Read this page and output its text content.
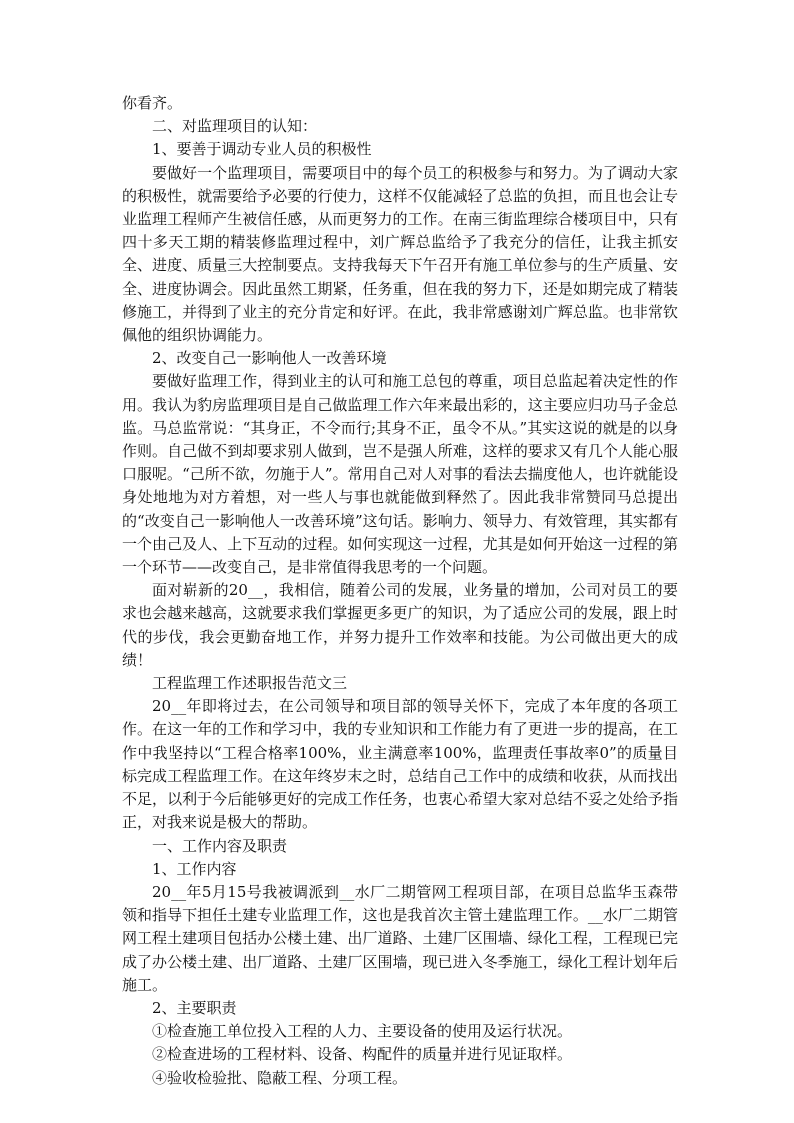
你看齐。

二、对监理项目的认知：

1、要善于调动专业人员的积极性

要做好一个监理项目，需要项目中的每个员工的积极参与和努力。为了调动大家的积极性，就需要给予必要的行使力，这样不仅能减轻了总监的负担，而且也会让专业监理工程师产生被信任感，从而更努力的工作。在南三街监理综合楼项目中，只有四十多天工期的精装修监理过程中，刘广辉总监给予了我充分的信任，让我主抓安全、进度、质量三大控制要点。支持我每天下午召开有施工单位参与的生产质量、安全、进度协调会。因此虽然工期紧，任务重，但在我的努力下，还是如期完成了精装修施工，并得到了业主的充分肯定和好评。在此，我非常感谢刘广辉总监。也非常钦佩他的组织协调能力。

2、改变自己一影响他人一改善环境

要做好监理工作，得到业主的认可和施工总包的尊重，项目总监起着决定性的作用。我认为豹房监理项目是自己做监理工作六年来最出彩的，这主要应归功马子金总监。马总监常说：“其身正，不令而行;其身不正，虽令不从。”其实这说的就是的以身作则。自己做不到却要求别人做到，岂不是强人所难，这样的要求又有几个人能心服口服呢。“己所不欲，勿施于人”。常用自己对人对事的看法去揣度他人，也许就能设身处地地为对方着想，对一些人与事也就能做到释然了。因此我非常赞同马总提出的“改变自己一影响他人一改善环境”这句话。影响力、领导力、有效管理，其实都有一个由己及人、上下互动的过程。如何实现这一过程，尤其是如何开始这一过程的第一个环节——改变自己，是非常值得我思考的一个问题。

面对崭新的20__，我相信，随着公司的发展，业务量的增加，公司对员工的要求也会越来越高，这就要求我们掌握更多更广的知识，为了适应公司的发展，跟上时代的步伐，我会更勤奋地工作，并努力提升工作效率和技能。为公司做出更大的成绩！

工程监理工作述职报告范文三

20__年即将过去，在公司领导和项目部的领导关怀下，完成了本年度的各项工作。在这一年的工作和学习中，我的专业知识和工作能力有了更进一步的提高，在工作中我坚持以“工程合格率100%，业主满意率100%，监理责任事故率0”的质量目标完成工程监理工作。在这年终岁末之时，总结自己工作中的成绩和收获，从而找出不足，以利于今后能够更好的完成工作任务，也衷心希望大家对总结不妥之处给予指正，对我来说是极大的帮助。

一、工作内容及职责

1、工作内容

20__年5月15号我被调派到__水厂二期管网工程项目部，在项目总监华玉森带领和指导下担任土建专业监理工作，这也是我首次主管土建监理工作。__水厂二期管网工程土建项目包括办公楼土建、出厂道路、土建厂区围墙、绿化工程，工程现已完成了办公楼土建、出厂道路、土建厂区围墙，现已进入冬季施工，绿化工程计划年后施工。

2、主要职责

①检查施工单位投入工程的人力、主要设备的使用及运行状况。

②检查进场的工程材料、设备、构配件的质量并进行见证取样。

④验收检验批、隐蔽工程、分项工程。
